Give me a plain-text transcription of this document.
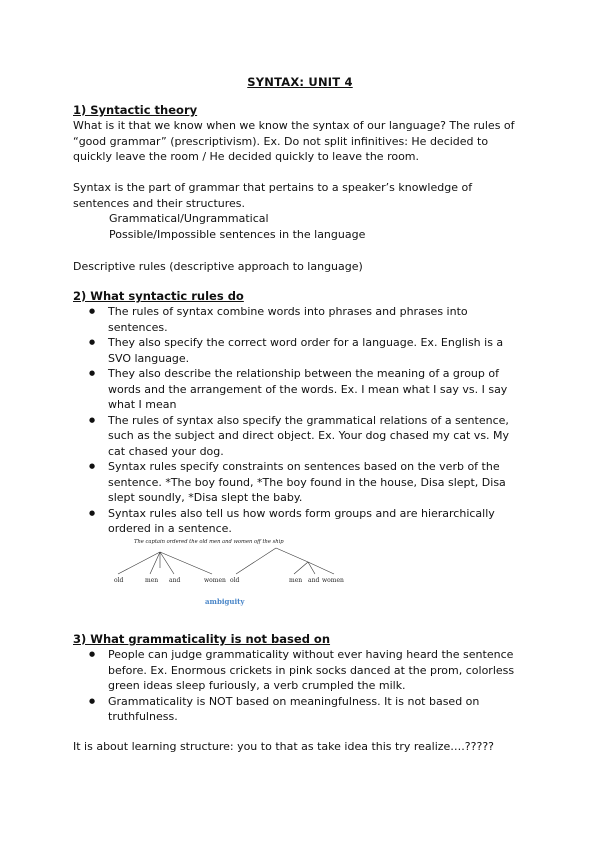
SYNTAX: UNIT 4
1) Syntactic theory
What is it that we know when we know the syntax of our language? The rules of “good grammar” (prescriptivism). Ex. Do not split infinitives: He decided to quickly leave the room / He decided quickly to leave the room.
Syntax is the part of grammar that pertains to a speaker’s knowledge of sentences and their structures.
Grammatical/Ungrammatical
Possible/Impossible sentences in the language
Descriptive rules (descriptive approach to language)
2) What syntactic rules do
● The rules of syntax combine words into phrases and phrases into sentences.
● They also specify the correct word order for a language. Ex. English is a SVO language.
● They also describe the relationship between the meaning of a group of words and the arrangement of the words. Ex. I mean what I say vs. I say what I mean
● The rules of syntax also specify the grammatical relations of a sentence, such as the subject and direct object. Ex. Your dog chased my cat vs. My cat chased your dog.
● Syntax rules specify constraints on sentences based on the verb of the sentence. *The boy found, *The boy found in the house, Disa slept, Disa slept soundly, *Disa slept the baby.
● Syntax rules also tell us how words form groups and are hierarchically ordered in a sentence.
The captain ordered the old men and women off the ship
old	men and	women old	men and women
ambiguity
3) What grammaticality is not based on
● People can judge grammaticality without ever having heard the sentence before. Ex. Enormous crickets in pink socks danced at the prom, colorless green ideas sleep furiously, a verb crumpled the milk.
● Grammaticality is NOT based on meaningfulness. It is not based on truthfulness.
It is about learning structure: you to that as take idea this try realize….?????
